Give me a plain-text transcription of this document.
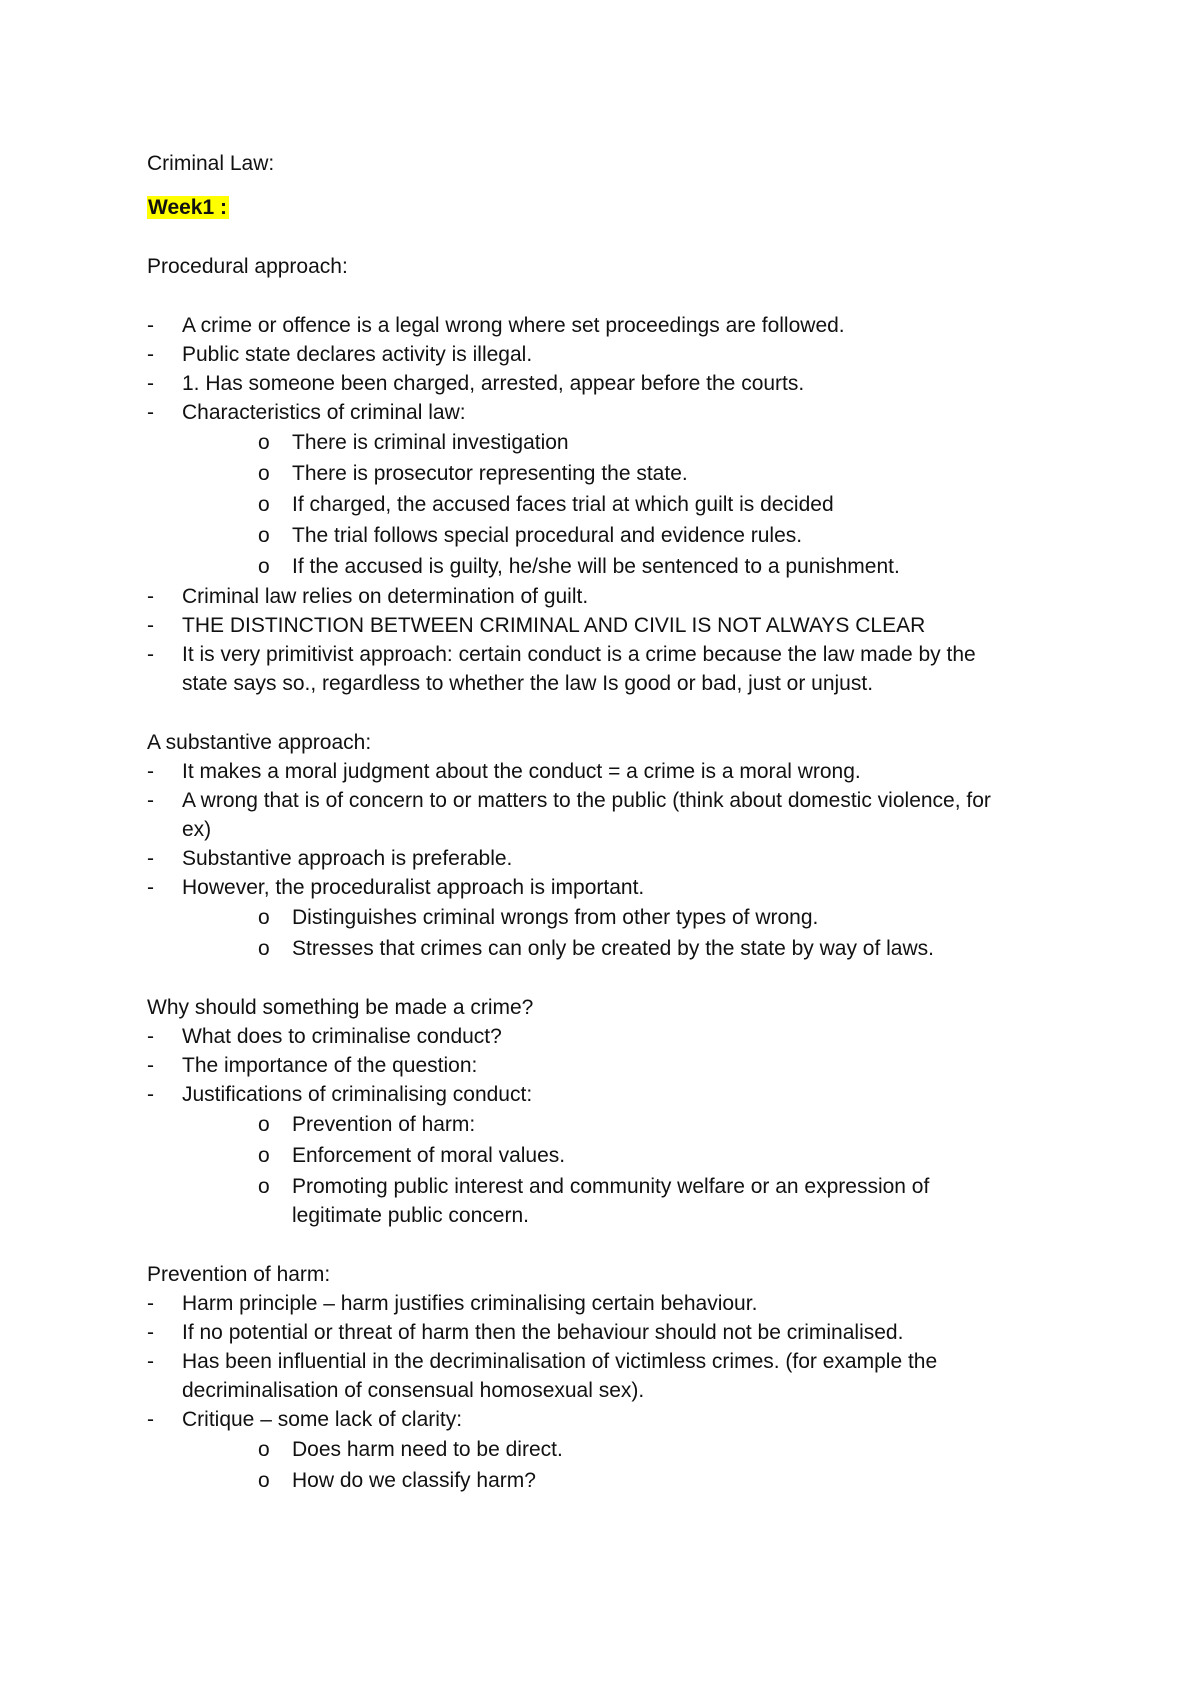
Criminal Law:
Week1 :
Procedural approach:
- A crime or offence is a legal wrong where set proceedings are followed.
- Public state declares activity is illegal.
- 1. Has someone been charged, arrested, appear before the courts.
- Characteristics of criminal law:
o There is criminal investigation
o There is prosecutor representing the state.
o If charged, the accused faces trial at which guilt is decided
o The trial follows special procedural and evidence rules.
o If the accused is guilty, he/she will be sentenced to a punishment.
- Criminal law relies on determination of guilt.
- THE DISTINCTION BETWEEN CRIMINAL AND CIVIL IS NOT ALWAYS CLEAR
- It is very primitivist approach: certain conduct is a crime because the law made by the
state says so., regardless to whether the law Is good or bad, just or unjust.
A substantive approach:
- It makes a moral judgment about the conduct = a crime is a moral wrong.
- A wrong that is of concern to or matters to the public (think about domestic violence, for
ex)
- Substantive approach is preferable.
- However, the proceduralist approach is important.
o Distinguishes criminal wrongs from other types of wrong.
o Stresses that crimes can only be created by the state by way of laws.
Why should something be made a crime?
- What does to criminalise conduct?
- The importance of the question:
- Justifications of criminalising conduct:
o Prevention of harm:
o Enforcement of moral values.
o Promoting public interest and community welfare or an expression of
legitimate public concern.
Prevention of harm:
- Harm principle – harm justifies criminalising certain behaviour.
- If no potential or threat of harm then the behaviour should not be criminalised.
- Has been influential in the decriminalisation of victimless crimes. (for example the
decriminalisation of consensual homosexual sex).
- Critique – some lack of clarity:
o Does harm need to be direct.
o How do we classify harm?
